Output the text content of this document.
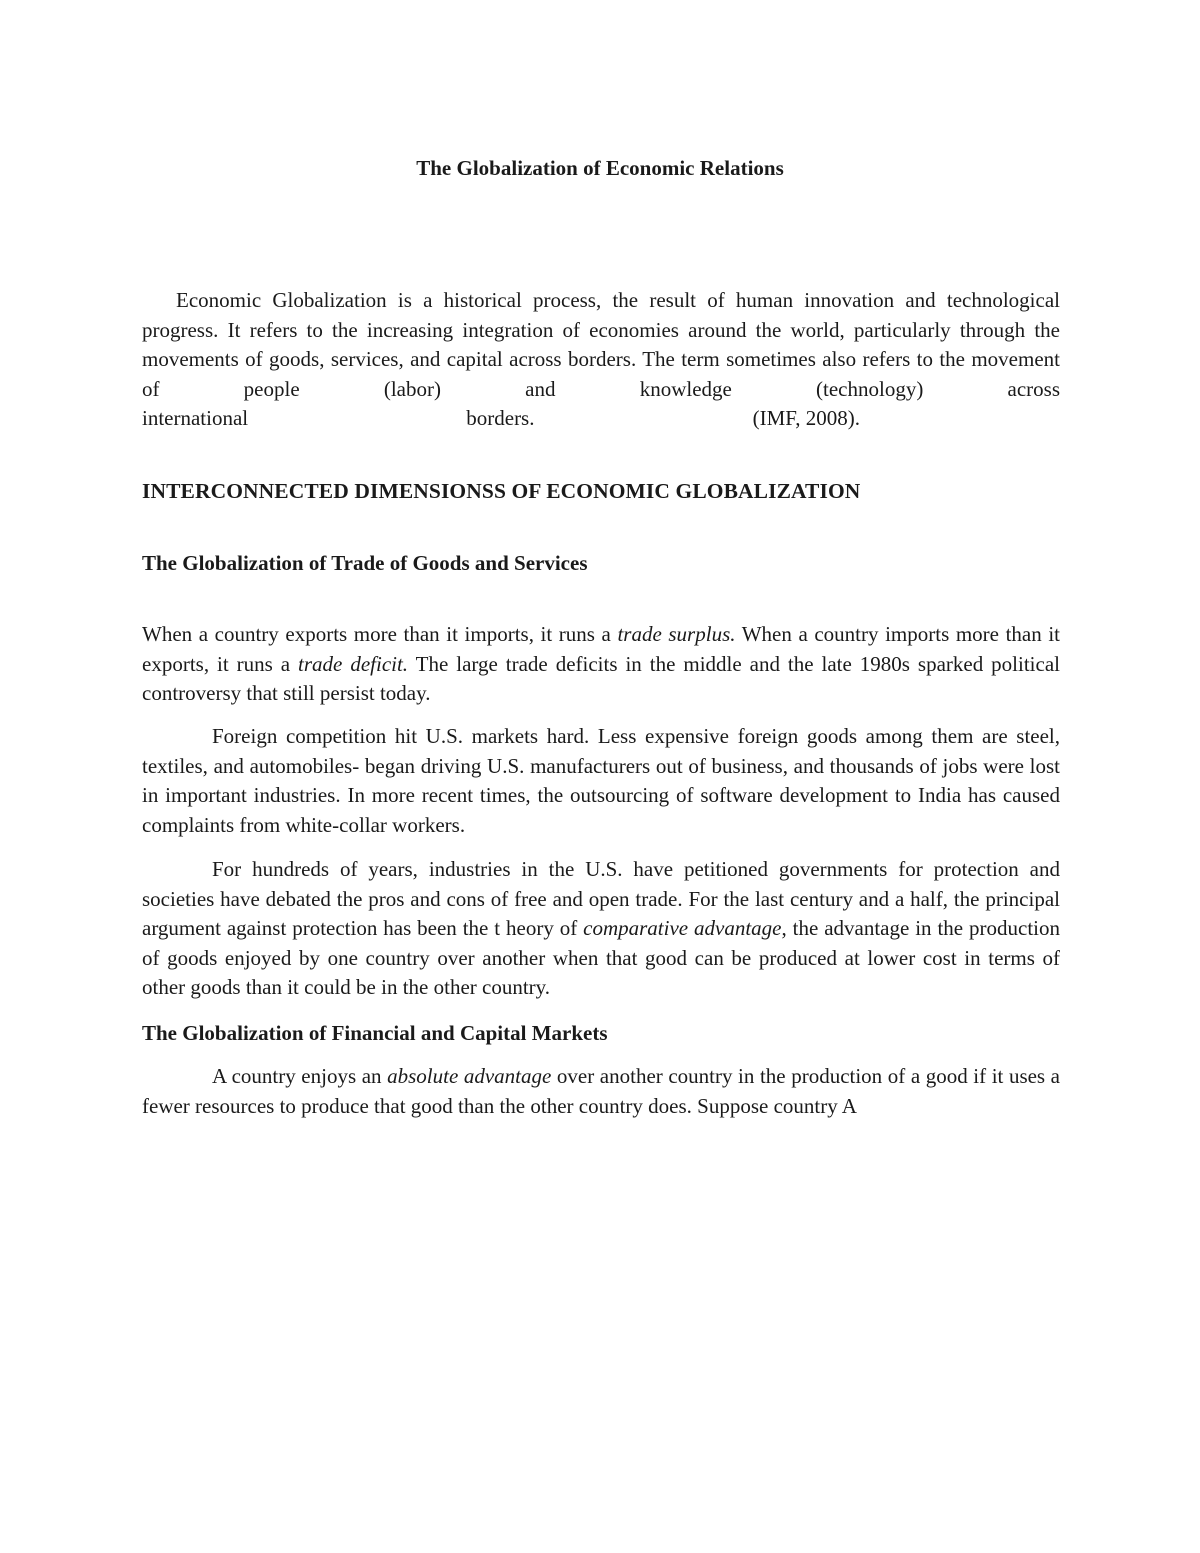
The Globalization of Economic Relations

Economic Globalization is a historical process, the result of human innovation and technological progress. It refers to the increasing integration of economies around the world, particularly through the movements of goods, services, and capital across borders. The term sometimes also refers to the movement of people (labor) and knowledge (technology) across

international	borders.	(IMF, 2008).
INTERCONNECTED DIMENSIONSS OF ECONOMIC GLOBALIZATION
The Globalization of Trade of Goods and Services

When a country exports more than it imports, it runs a trade surplus. When a country imports more than it exports, it runs a trade deficit. The large trade deficits in the middle and the late 1980s sparked political controversy that still persist today.

Foreign competition hit U.S. markets hard. Less expensive foreign goods among them are steel, textiles, and automobiles- began driving U.S. manufacturers out of business, and thousands of jobs were lost in important industries. In more recent times, the outsourcing of software development to India has caused complaints from white-collar workers.

For hundreds of years, industries in the U.S. have petitioned governments for protection and societies have debated the pros and cons of free and open trade. For the last century and a half, the principal argument against protection has been the t heory of comparative advantage, the advantage in the production of goods enjoyed by one country over another when that good can be produced at lower cost in terms of other goods than it could be in the other country.

The Globalization of Financial and Capital Markets

A country enjoys an absolute advantage over another country in the production of a good if it uses a fewer resources to produce that good than the other country does. Suppose country A
